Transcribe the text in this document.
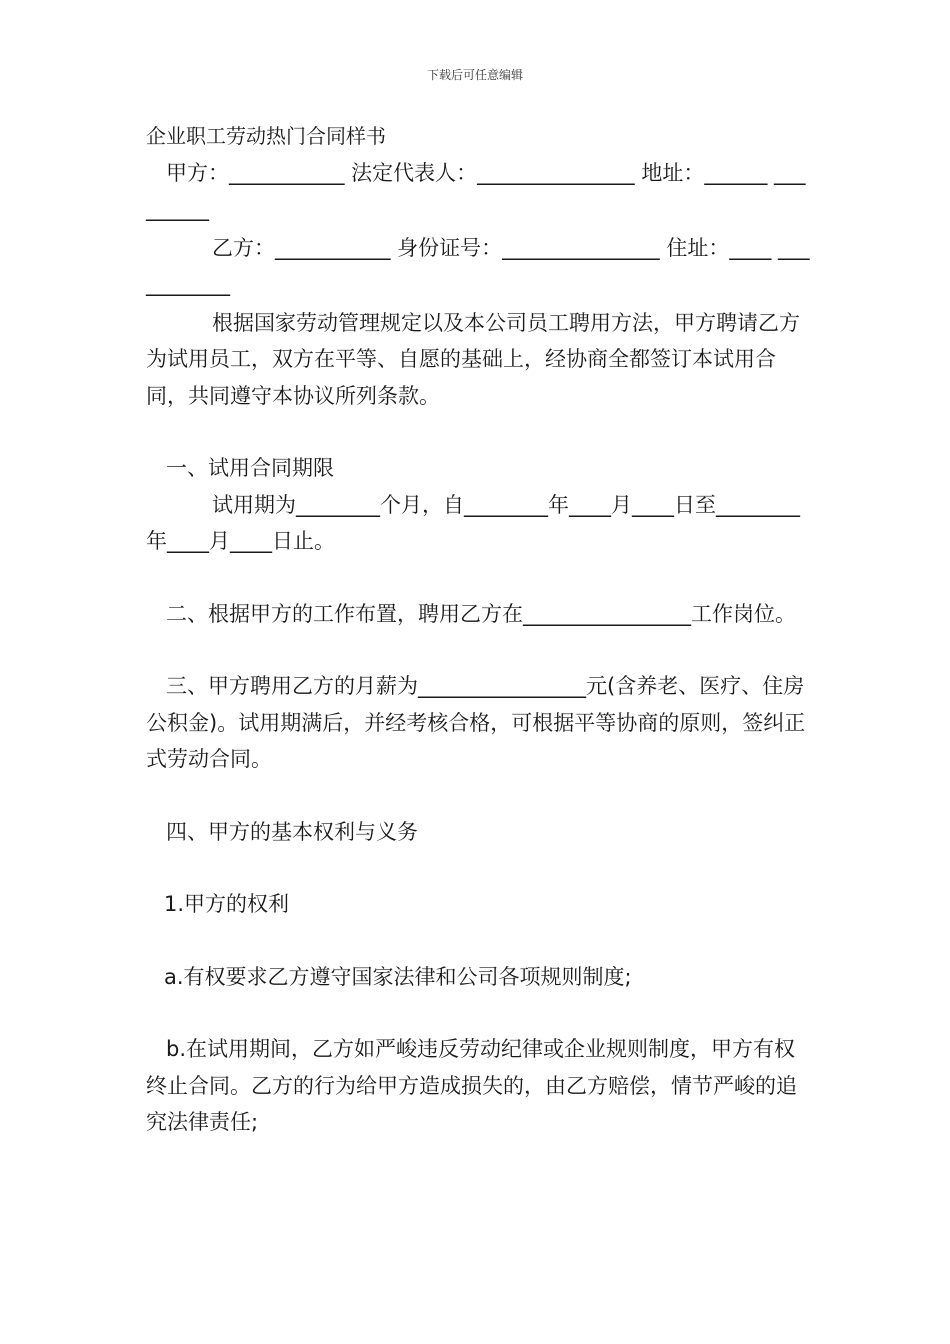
下载后可任意编辑

企业职工劳动热门合同样书

甲方：___________ 法定代表人：_______________ 地址：______ _________

乙方：___________ 身份证号：_______________ 住址：____ ___________

根据国家劳动管理规定以及本公司员工聘用方法，甲方聘请乙方为试用员工，双方在平等、自愿的基础上，经协商全都签订本试用合同，共同遵守本协议所列条款。

一、试用合同期限

试用期为________个月，自________年____月____日至________年____月____日止。

二、根据甲方的工作布置，聘用乙方在________________工作岗位。

三、甲方聘用乙方的月薪为________________元(含养老、医疗、住房公积金)。试用期满后，并经考核合格，可根据平等协商的原则，签纠正式劳动合同。

四、甲方的基本权利与义务

1.甲方的权利

a.有权要求乙方遵守国家法律和公司各项规则制度;

b.在试用期间，乙方如严峻违反劳动纪律或企业规则制度，甲方有权终止合同。乙方的行为给甲方造成损失的，由乙方赔偿，情节严峻的追究法律责任;
